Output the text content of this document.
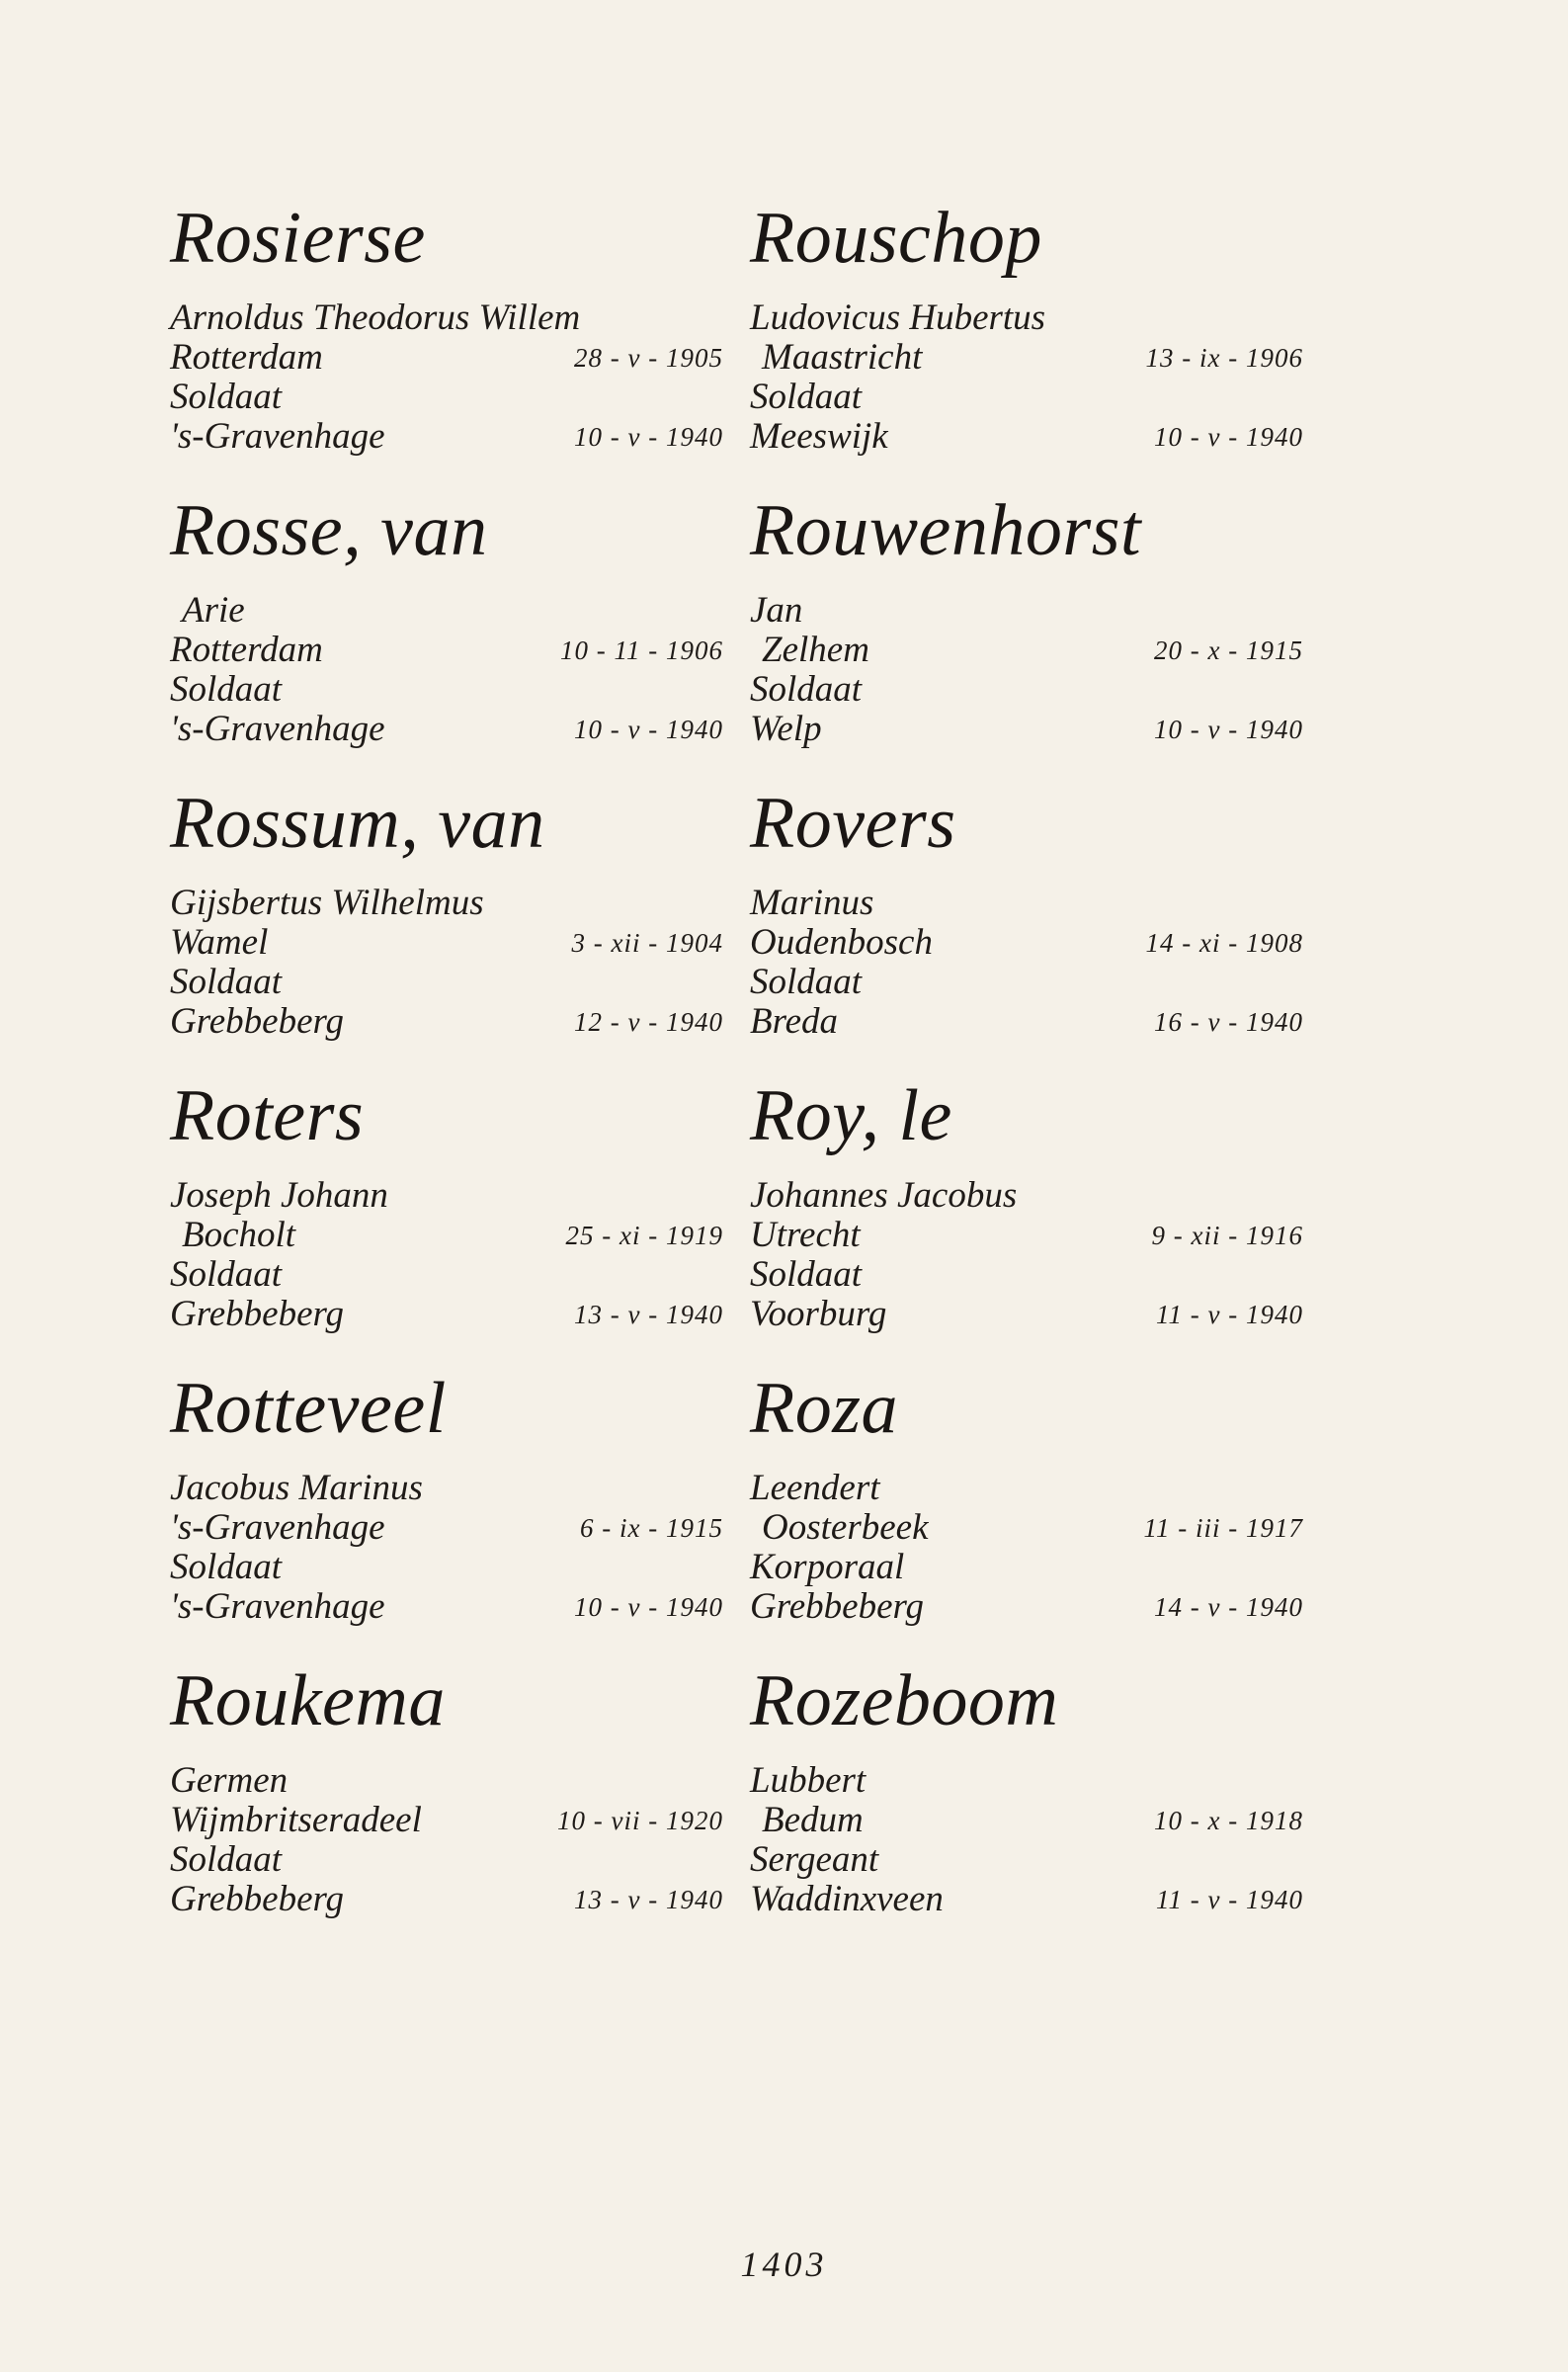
Rosierse
Arnoldus Theodorus Willem
Rotterdam	28 - v - 1905
Soldaat
's-Gravenhage	10 - v - 1940
Rosse, van
Arie
Rotterdam	10 - 11 - 1906
Soldaat
's-Gravenhage	10 - v - 1940
Rossum, van
Gijsbertus Wilhelmus
Wamel	3 - xii - 1904
Soldaat
Grebbeberg	12 - v - 1940
Roters
Joseph Johann
Bocholt	25 - xi - 1919
Soldaat
Grebbeberg	13 - v - 1940
Rotteveel
Jacobus Marinus
's-Gravenhage	6 - ix - 1915
Soldaat
's-Gravenhage	10 - v - 1940
Roukema
Germen
Wijmbritseradeel	10 - vii - 1920
Soldaat
Grebbeberg	13 - v - 1940
Rouschop
Ludovicus Hubertus
Maastricht	13 - ix - 1906
Soldaat
Meeswijk	10 - v - 1940
Rouwenhorst
Jan
Zelhem	20 - x - 1915
Soldaat
Welp	10 - v - 1940
Rovers
Marinus
Oudenbosch	14 - xi - 1908
Soldaat
Breda	16 - v - 1940
Roy, le
Johannes Jacobus
Utrecht	9 - xii - 1916
Soldaat
Voorburg	11 - v - 1940
Roza
Leendert
Oosterbeek	11 - iii - 1917
Korporaal
Grebbeberg	14 - v - 1940
Rozeboom
Lubbert
Bedum	10 - x - 1918
Sergeant
Waddinxveen	11 - v - 1940
1403
